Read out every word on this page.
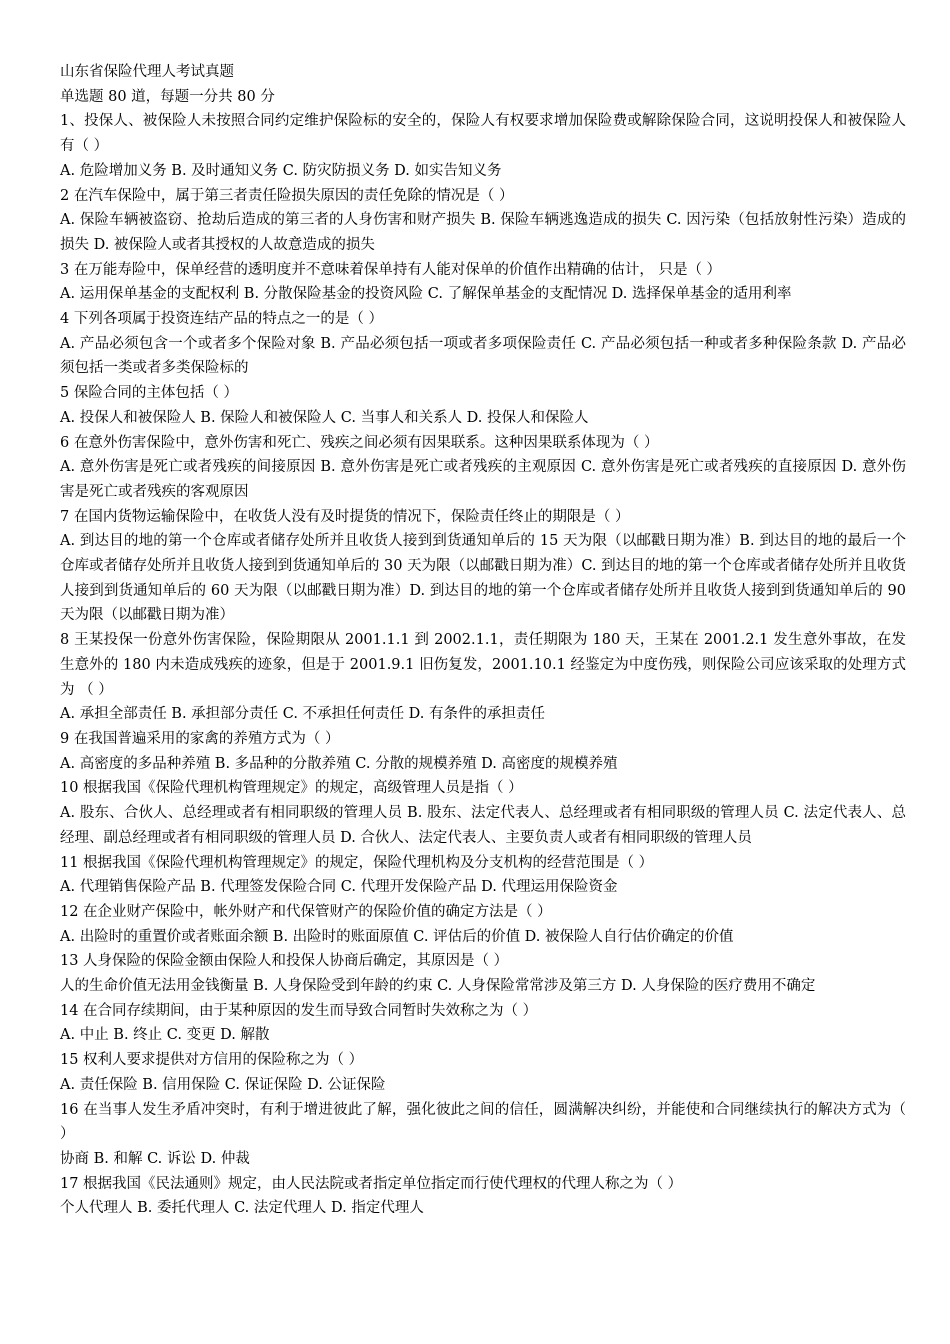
山东省保险代理人考试真题

单选题 80 道，每题一分共 80 分

1、投保人、被保险人未按照合同约定维护保险标的安全的，保险人有权要求增加保险费或解除保险合同，这说明投保人和被保险人有（ ）

A. 危险增加义务 B. 及时通知义务 C. 防灾防损义务 D. 如实告知义务

2 在汽车保险中，属于第三者责任险损失原因的责任免除的情况是（ ）

A. 保险车辆被盗窃、抢劫后造成的第三者的人身伤害和财产损失 B. 保险车辆逃逸造成的损失 C. 因污染（包括放射性污染）造成的损失 D. 被保险人或者其授权的人故意造成的损失

3 在万能寿险中，保单经营的透明度并不意味着保单持有人能对保单的价值作出精确的估计， 只是（ ）

A. 运用保单基金的支配权利 B. 分散保险基金的投资风险 C. 了解保单基金的支配情况 D. 选择保单基金的适用利率

4 下列各项属于投资连结产品的特点之一的是（ ）

A. 产品必须包含一个或者多个保险对象 B. 产品必须包括一项或者多项保险责任 C. 产品必须包括一种或者多种保险条款 D. 产品必须包括一类或者多类保险标的

5 保险合同的主体包括（ ）

A. 投保人和被保险人 B. 保险人和被保险人 C. 当事人和关系人 D. 投保人和保险人

6 在意外伤害保险中，意外伤害和死亡、残疾之间必须有因果联系。这种因果联系体现为（ ）

A. 意外伤害是死亡或者残疾的间接原因 B. 意外伤害是死亡或者残疾的主观原因 C. 意外伤害是死亡或者残疾的直接原因 D. 意外伤害是死亡或者残疾的客观原因

7 在国内货物运输保险中，在收货人没有及时提货的情况下，保险责任终止的期限是（ ）

A. 到达目的地的第一个仓库或者储存处所并且收货人接到到货通知单后的 15 天为限（以邮戳日期为准）B. 到达目的地的最后一个仓库或者储存处所并且收货人接到到货通知单后的 30 天为限（以邮戳日期为准）C. 到达目的地的第一个仓库或者储存处所并且收货人接到到货通知单后的 60 天为限（以邮戳日期为准）D. 到达目的地的第一个仓库或者储存处所并且收货人接到到货通知单后的 90 天为限（以邮戳日期为准）

8 王某投保一份意外伤害保险，保险期限从 2001.1.1 到 2002.1.1，责任期限为 180 天，王某在 2001.2.1 发生意外事故，在发生意外的 180 内未造成残疾的迹象，但是于 2001.9.1 旧伤复发，2001.10.1 经鉴定为中度伤残，则保险公司应该采取的处理方式为 （ ）

A. 承担全部责任 B. 承担部分责任 C. 不承担任何责任 D. 有条件的承担责任

9 在我国普遍采用的家禽的养殖方式为（ ）

A. 高密度的多品种养殖 B. 多品种的分散养殖 C. 分散的规模养殖 D. 高密度的规模养殖

10 根据我国《保险代理机构管理规定》的规定，高级管理人员是指（ ）

A. 股东、合伙人、总经理或者有相同职级的管理人员 B. 股东、法定代表人、总经理或者有相同职级的管理人员 C. 法定代表人、总经理、副总经理或者有相同职级的管理人员 D. 合伙人、法定代表人、主要负责人或者有相同职级的管理人员

11 根据我国《保险代理机构管理规定》的规定，保险代理机构及分支机构的经营范围是（ ）

A. 代理销售保险产品 B. 代理签发保险合同 C. 代理开发保险产品 D. 代理运用保险资金

12 在企业财产保险中，帐外财产和代保管财产的保险价值的确定方法是（ ）

A. 出险时的重置价或者账面余额 B. 出险时的账面原值 C. 评估后的价值 D. 被保险人自行估价确定的价值

13 人身保险的保险金额由保险人和投保人协商后确定，其原因是（ ）

人的生命价值无法用金钱衡量 B. 人身保险受到年龄的约束 C. 人身保险常常涉及第三方 D. 人身保险的医疗费用不确定

14 在合同存续期间，由于某种原因的发生而导致合同暂时失效称之为（ ）

A. 中止 B. 终止 C. 变更 D. 解散

15 权利人要求提供对方信用的保险称之为（ ）

A. 责任保险 B. 信用保险 C. 保证保险 D. 公证保险

16 在当事人发生矛盾冲突时，有利于增进彼此了解，强化彼此之间的信任，圆满解决纠纷，并能使和合同继续执行的解决方式为（ ）

协商 B. 和解 C. 诉讼 D. 仲裁

17 根据我国《民法通则》规定，由人民法院或者指定单位指定而行使代理权的代理人称之为（ ）

个人代理人 B. 委托代理人 C. 法定代理人 D. 指定代理人
